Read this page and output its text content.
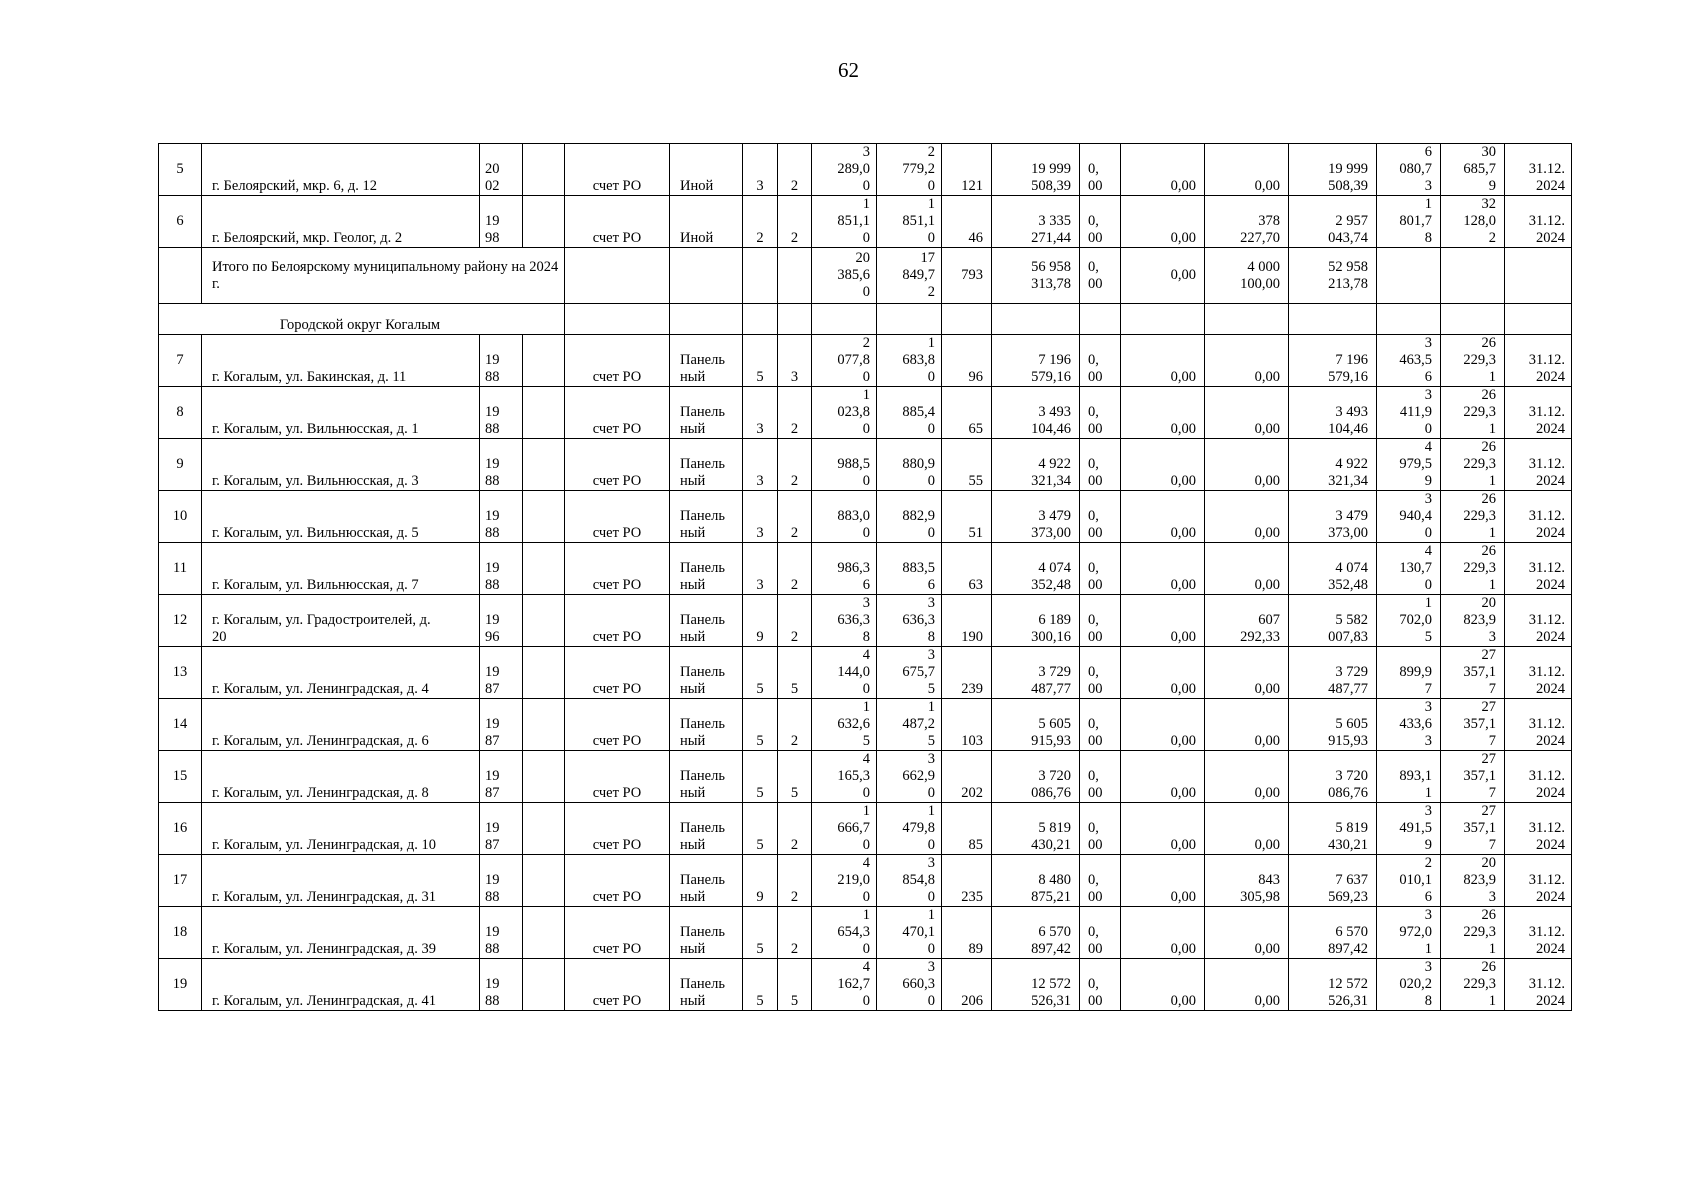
62
5	г. Белоярский, мкр. 6, д. 12	20
02		счет РО	Иной	3	2	3
289,0
0	2
779,2
0	121	19 999
508,39	0,
00	0,00	0,00	19 999
508,39	6
080,7
3	30
685,7
9	31.12.
2024

6	г. Белоярский, мкр. Геолог, д. 2	19
98		счет РО	Иной	2	2	1
851,1
0	1
851,1
0	46	3 335
271,44	0,
00	0,00	378
227,70	2 957
043,74	1
801,7
8	32
128,0
2	31.12.
2024

	Итого по Белоярскому муниципальному району на 2024 г.							20
385,6
0	17
849,7
2	793	56 958
313,78	0,
00	0,00	4 000
100,00	52 958
213,78			

Городской округ Когалым																		

7	г. Когалым, ул. Бакинская, д. 11	19
88		счет РО	Панель
ный	5	3	2
077,8
0	1
683,8
0	96	7 196
579,16	0,
00	0,00	0,00	7 196
579,16	3
463,5
6	26
229,3
1	31.12.
2024

8	г. Когалым, ул. Вильнюсская, д. 1	19
88		счет РО	Панель
ный	3	2	1
023,8
0	885,4
0	65	3 493
104,46	0,
00	0,00	0,00	3 493
104,46	3
411,9
0	26
229,3
1	31.12.
2024

9	г. Когалым, ул. Вильнюсская, д. 3	19
88		счет РО	Панель
ный	3	2	988,5
0	880,9
0	55	4 922
321,34	0,
00	0,00	0,00	4 922
321,34	4
979,5
9	26
229,3
1	31.12.
2024

10	г. Когалым, ул. Вильнюсская, д. 5	19
88		счет РО	Панель
ный	3	2	883,0
0	882,9
0	51	3 479
373,00	0,
00	0,00	0,00	3 479
373,00	3
940,4
0	26
229,3
1	31.12.
2024

11	г. Когалым, ул. Вильнюсская, д. 7	19
88		счет РО	Панель
ный	3	2	986,3
6	883,5
6	63	4 074
352,48	0,
00	0,00	0,00	4 074
352,48	4
130,7
0	26
229,3
1	31.12.
2024

12	г. Когалым, ул. Градостроителей, д.
20	19
96		счет РО	Панель
ный	9	2	3
636,3
8	3
636,3
8	190	6 189
300,16	0,
00	0,00	607
292,33	5 582
007,83	1
702,0
5	20
823,9
3	31.12.
2024

13	г. Когалым, ул. Ленинградская, д. 4	19
87		счет РО	Панель
ный	5	5	4
144,0
0	3
675,7
5	239	3 729
487,77	0,
00	0,00	0,00	3 729
487,77	899,9
7	27
357,1
7	31.12.
2024

14	г. Когалым, ул. Ленинградская, д. 6	19
87		счет РО	Панель
ный	5	2	1
632,6
5	1
487,2
5	103	5 605
915,93	0,
00	0,00	0,00	5 605
915,93	3
433,6
3	27
357,1
7	31.12.
2024

15	г. Когалым, ул. Ленинградская, д. 8	19
87		счет РО	Панель
ный	5	5	4
165,3
0	3
662,9
0	202	3 720
086,76	0,
00	0,00	0,00	3 720
086,76	893,1
1	27
357,1
7	31.12.
2024

16	г. Когалым, ул. Ленинградская, д. 10	19
87		счет РО	Панель
ный	5	2	1
666,7
0	1
479,8
0	85	5 819
430,21	0,
00	0,00	0,00	5 819
430,21	3
491,5
9	27
357,1
7	31.12.
2024

17	г. Когалым, ул. Ленинградская, д. 31	19
88		счет РО	Панель
ный	9	2	4
219,0
0	3
854,8
0	235	8 480
875,21	0,
00	0,00	843
305,98	7 637
569,23	2
010,1
6	20
823,9
3	31.12.
2024

18	г. Когалым, ул. Ленинградская, д. 39	19
88		счет РО	Панель
ный	5	2	1
654,3
0	1
470,1
0	89	6 570
897,42	0,
00	0,00	0,00	6 570
897,42	3
972,0
1	26
229,3
1	31.12.
2024

19	г. Когалым, ул. Ленинградская, д. 41	19
88		счет РО	Панель
ный	5	5	4
162,7
0	3
660,3
0	206	12 572
526,31	0,
00	0,00	0,00	12 572
526,31	3
020,2
8	26
229,3
1	31.12.
2024
